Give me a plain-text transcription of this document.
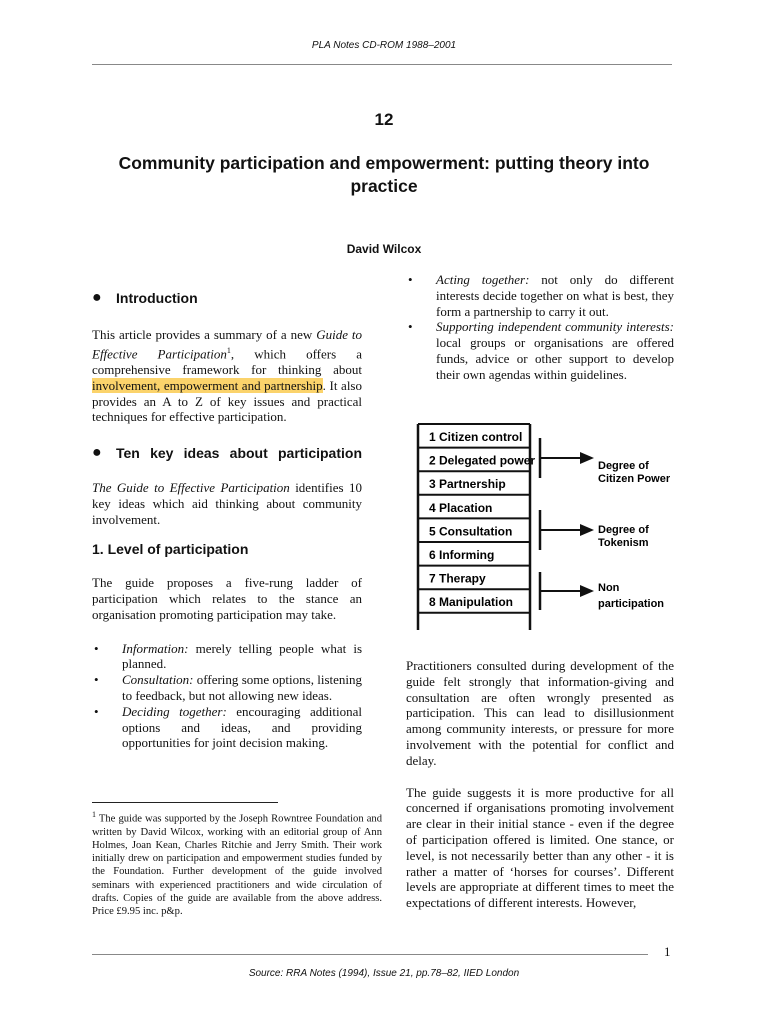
PLA Notes CD-ROM 1988–2001
12
Community participation and empowerment: putting theory into practice
David Wilcox
● Introduction

This article provides a summary of a new Guide to Effective Participation$^1$, which offers a comprehensive framework for thinking about involvement, empowerment and partnership. It also provides an A to Z of key issues and practical techniques for effective participation.

● Ten key ideas about participation

The Guide to Effective Participation identifies 10 key ideas which aid thinking about community involvement.

1. Level of participation

The guide proposes a five-rung ladder of participation which relates to the stance an organisation promoting participation may take.

• Information: merely telling people what is planned.
• Consultation: offering some options, listening to feedback, but not allowing new ideas.
• Deciding together: encouraging additional options and ideas, and providing opportunities for joint decision making.
• Acting together: not only do different interests decide together on what is best, they form a partnership to carry it out.
• Supporting independent community interests: local groups or organisations are offered funds, advice or other support to develop their own agendas within guidelines.
1 Citizen control
2 Delegated power
3 Partnership
4 Placation
5 Consultation
6 Informing
7 Therapy
8 Manipulation
Degree of
Citizen Power
Degree of
Tokenism
Non
participation

Practitioners consulted during development of the guide felt strongly that information-giving and consultation are often wrongly presented as participation. This can lead to disillusionment among community interests, or pressure for more involvement with the potential for conflict and delay.

The guide suggests it is more productive for all concerned if organisations promoting involvement are clear in their initial stance - even if the degree of participation offered is limited. One stance, or level, is not necessarily better than any other - it is rather a matter of ‘horses for courses’. Different levels are appropriate at different times to meet the expectations of different interests. However,

$^1$ The guide was supported by the Joseph Rowntree Foundation and written by David Wilcox, working with an editorial group of Ann Holmes, Joan Kean, Charles Ritchie and Jerry Smith. Their work initially drew on participation and empowerment studies funded by the Foundation. Further development of the guide involved seminars with experienced practitioners and wide circulation of drafts. Copies of the guide are available from the above address. Price £9.95 inc. p&p.
1
Source: RRA Notes (1994), Issue 21, pp.78–82, IIED London
